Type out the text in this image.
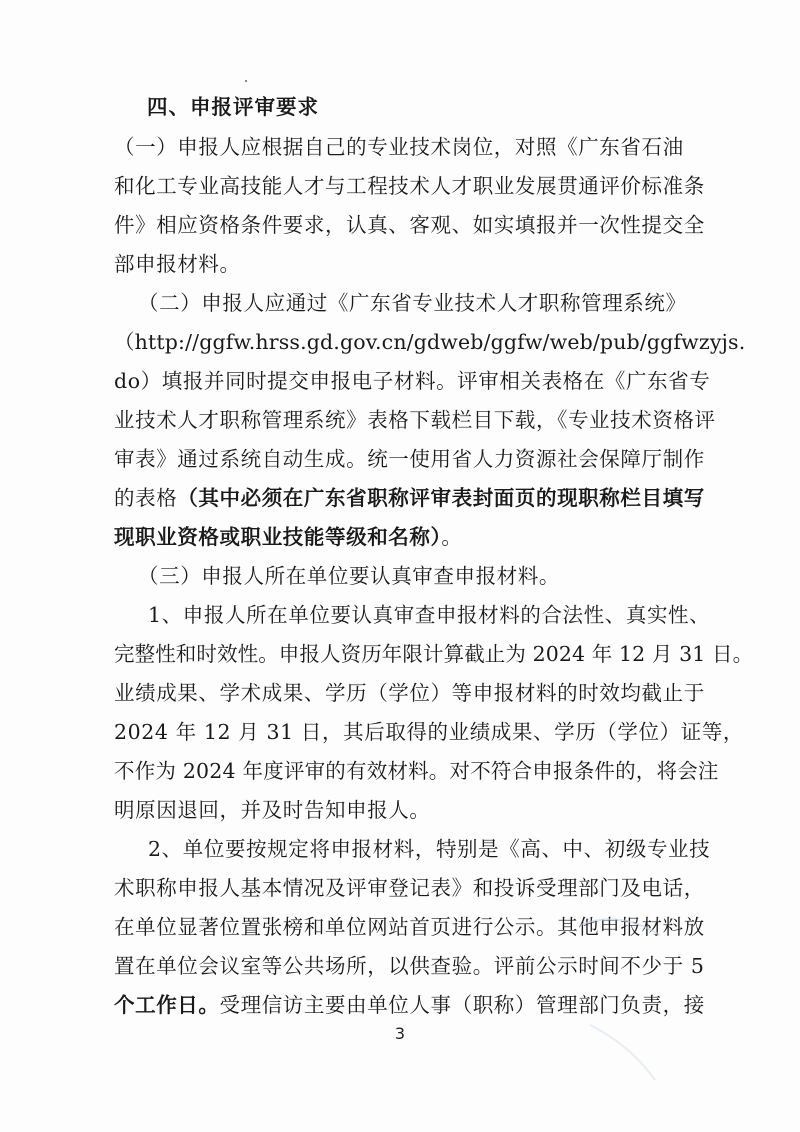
四、申报评审要求
（一）申报人应根据自己的专业技术岗位，对照《广东省石油
和化工专业高技能人才与工程技术人才职业发展贯通评价标准条
件》相应资格条件要求，认真、客观、如实填报并一次性提交全
部申报材料。
（二）申报人应通过《广东省专业技术人才职称管理系统》
（http://ggfw.hrss.gd.gov.cn/gdweb/ggfw/web/pub/ggfwzyjs.
do）填报并同时提交申报电子材料。评审相关表格在《广东省专
业技术人才职称管理系统》表格下载栏目下载，《专业技术资格评
审表》通过系统自动生成。统一使用省人力资源社会保障厅制作
的表格（其中必须在广东省职称评审表封面页的现职称栏目填写
现职业资格或职业技能等级和名称）。
（三）申报人所在单位要认真审查申报材料。
1、申报人所在单位要认真审查申报材料的合法性、真实性、
完整性和时效性。申报人资历年限计算截止为 2024 年 12 月 31 日。
业绩成果、学术成果、学历（学位）等申报材料的时效均截止于
2024 年 12 月 31 日，其后取得的业绩成果、学历（学位）证等，
不作为 2024 年度评审的有效材料。对不符合申报条件的，将会注
明原因退回，并及时告知申报人。
2、单位要按规定将申报材料，特别是《高、中、初级专业技
术职称申报人基本情况及评审登记表》和投诉受理部门及电话，
在单位显著位置张榜和单位网站首页进行公示。其他申报材料放
置在单位会议室等公共场所，以供查验。评前公示时间不少于 5
个工作日。受理信访主要由单位人事（职称）管理部门负责，接
3
